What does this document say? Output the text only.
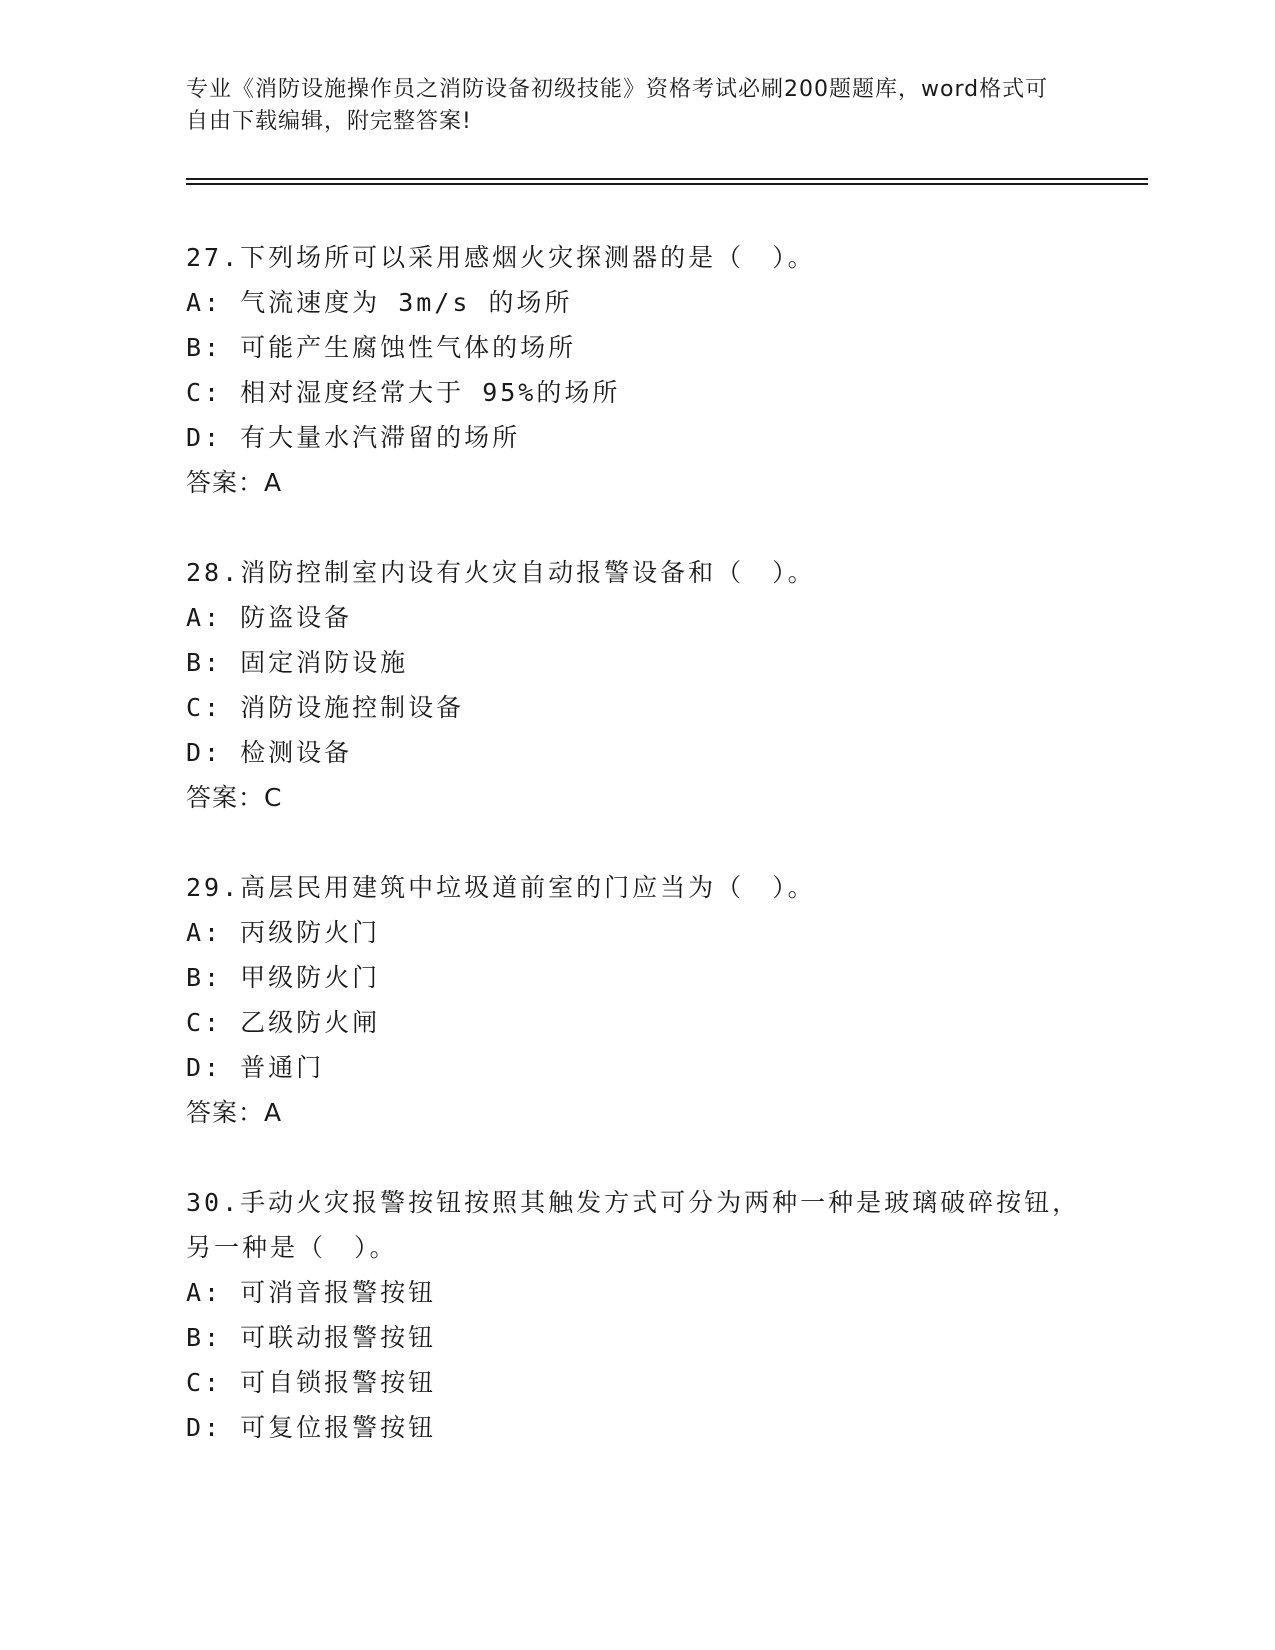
专业《消防设施操作员之消防设备初级技能》资格考试必刷200题题库，word格式可自由下载编辑，附完整答案!
27.下列场所可以采用感烟火灾探测器的是（　）。
A: 气流速度为 3m/s 的场所
B: 可能产生腐蚀性气体的场所
C: 相对湿度经常大于 95%的场所
D: 有大量水汽滞留的场所
答案：A
28.消防控制室内设有火灾自动报警设备和（　）。
A: 防盗设备
B: 固定消防设施
C: 消防设施控制设备
D: 检测设备
答案：C
29.高层民用建筑中垃圾道前室的门应当为（　）。
A: 丙级防火门
B: 甲级防火门
C: 乙级防火闸
D: 普通门
答案：A
30.手动火灾报警按钮按照其触发方式可分为两种一种是玻璃破碎按钮，另一种是（　）。
A: 可消音报警按钮
B: 可联动报警按钮
C: 可自锁报警按钮
D: 可复位报警按钮
